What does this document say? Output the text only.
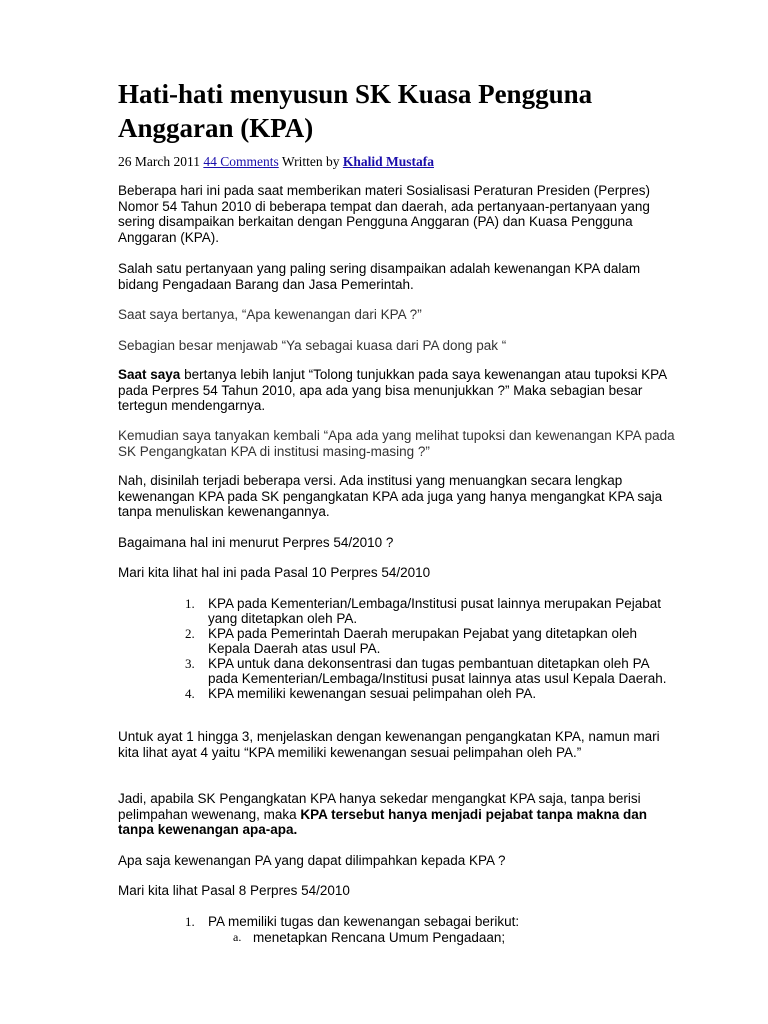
Hati-hati menyusun SK Kuasa Pengguna Anggaran (KPA)
26 March 2011 44 Comments Written by Khalid Mustafa

Beberapa hari ini pada saat memberikan materi Sosialisasi Peraturan Presiden (Perpres) Nomor 54 Tahun 2010 di beberapa tempat dan daerah, ada pertanyaan-pertanyaan yang sering disampaikan berkaitan dengan Pengguna Anggaran (PA) dan Kuasa Pengguna Anggaran (KPA).

Salah satu pertanyaan yang paling sering disampaikan adalah kewenangan KPA dalam bidang Pengadaan Barang dan Jasa Pemerintah.

Saat saya bertanya, “Apa kewenangan dari KPA ?”

Sebagian besar menjawab “Ya sebagai kuasa dari PA dong pak “

Saat saya bertanya lebih lanjut “Tolong tunjukkan pada saya kewenangan atau tupoksi KPA pada Perpres 54 Tahun 2010, apa ada yang bisa menunjukkan ?” Maka sebagian besar tertegun mendengarnya.

Kemudian saya tanyakan kembali “Apa ada yang melihat tupoksi dan kewenangan KPA pada SK Pengangkatan KPA di institusi masing-masing ?”

Nah, disinilah terjadi beberapa versi. Ada institusi yang menuangkan secara lengkap kewenangan KPA pada SK pengangkatan KPA ada juga yang hanya mengangkat KPA saja tanpa menuliskan kewenangannya.

Bagaimana hal ini menurut Perpres 54/2010 ?

Mari kita lihat hal ini pada Pasal 10 Perpres 54/2010

1. KPA pada Kementerian/Lembaga/Institusi pusat lainnya merupakan Pejabat yang ditetapkan oleh PA.
2. KPA pada Pemerintah Daerah merupakan Pejabat yang ditetapkan oleh Kepala Daerah atas usul PA.
3. KPA untuk dana dekonsentrasi dan tugas pembantuan ditetapkan oleh PA pada Kementerian/Lembaga/Institusi pusat lainnya atas usul Kepala Daerah.
4. KPA memiliki kewenangan sesuai pelimpahan oleh PA.

Untuk ayat 1 hingga 3, menjelaskan dengan kewenangan pengangkatan KPA, namun mari kita lihat ayat 4 yaitu “KPA memiliki kewenangan sesuai pelimpahan oleh PA.”

Jadi, apabila SK Pengangkatan KPA hanya sekedar mengangkat KPA saja, tanpa berisi pelimpahan wewenang, maka KPA tersebut hanya menjadi pejabat tanpa makna dan tanpa kewenangan apa-apa.

Apa saja kewenangan PA yang dapat dilimpahkan kepada KPA ?

Mari kita lihat Pasal 8 Perpres 54/2010

1. PA memiliki tugas dan kewenangan sebagai berikut:
a. menetapkan Rencana Umum Pengadaan;
